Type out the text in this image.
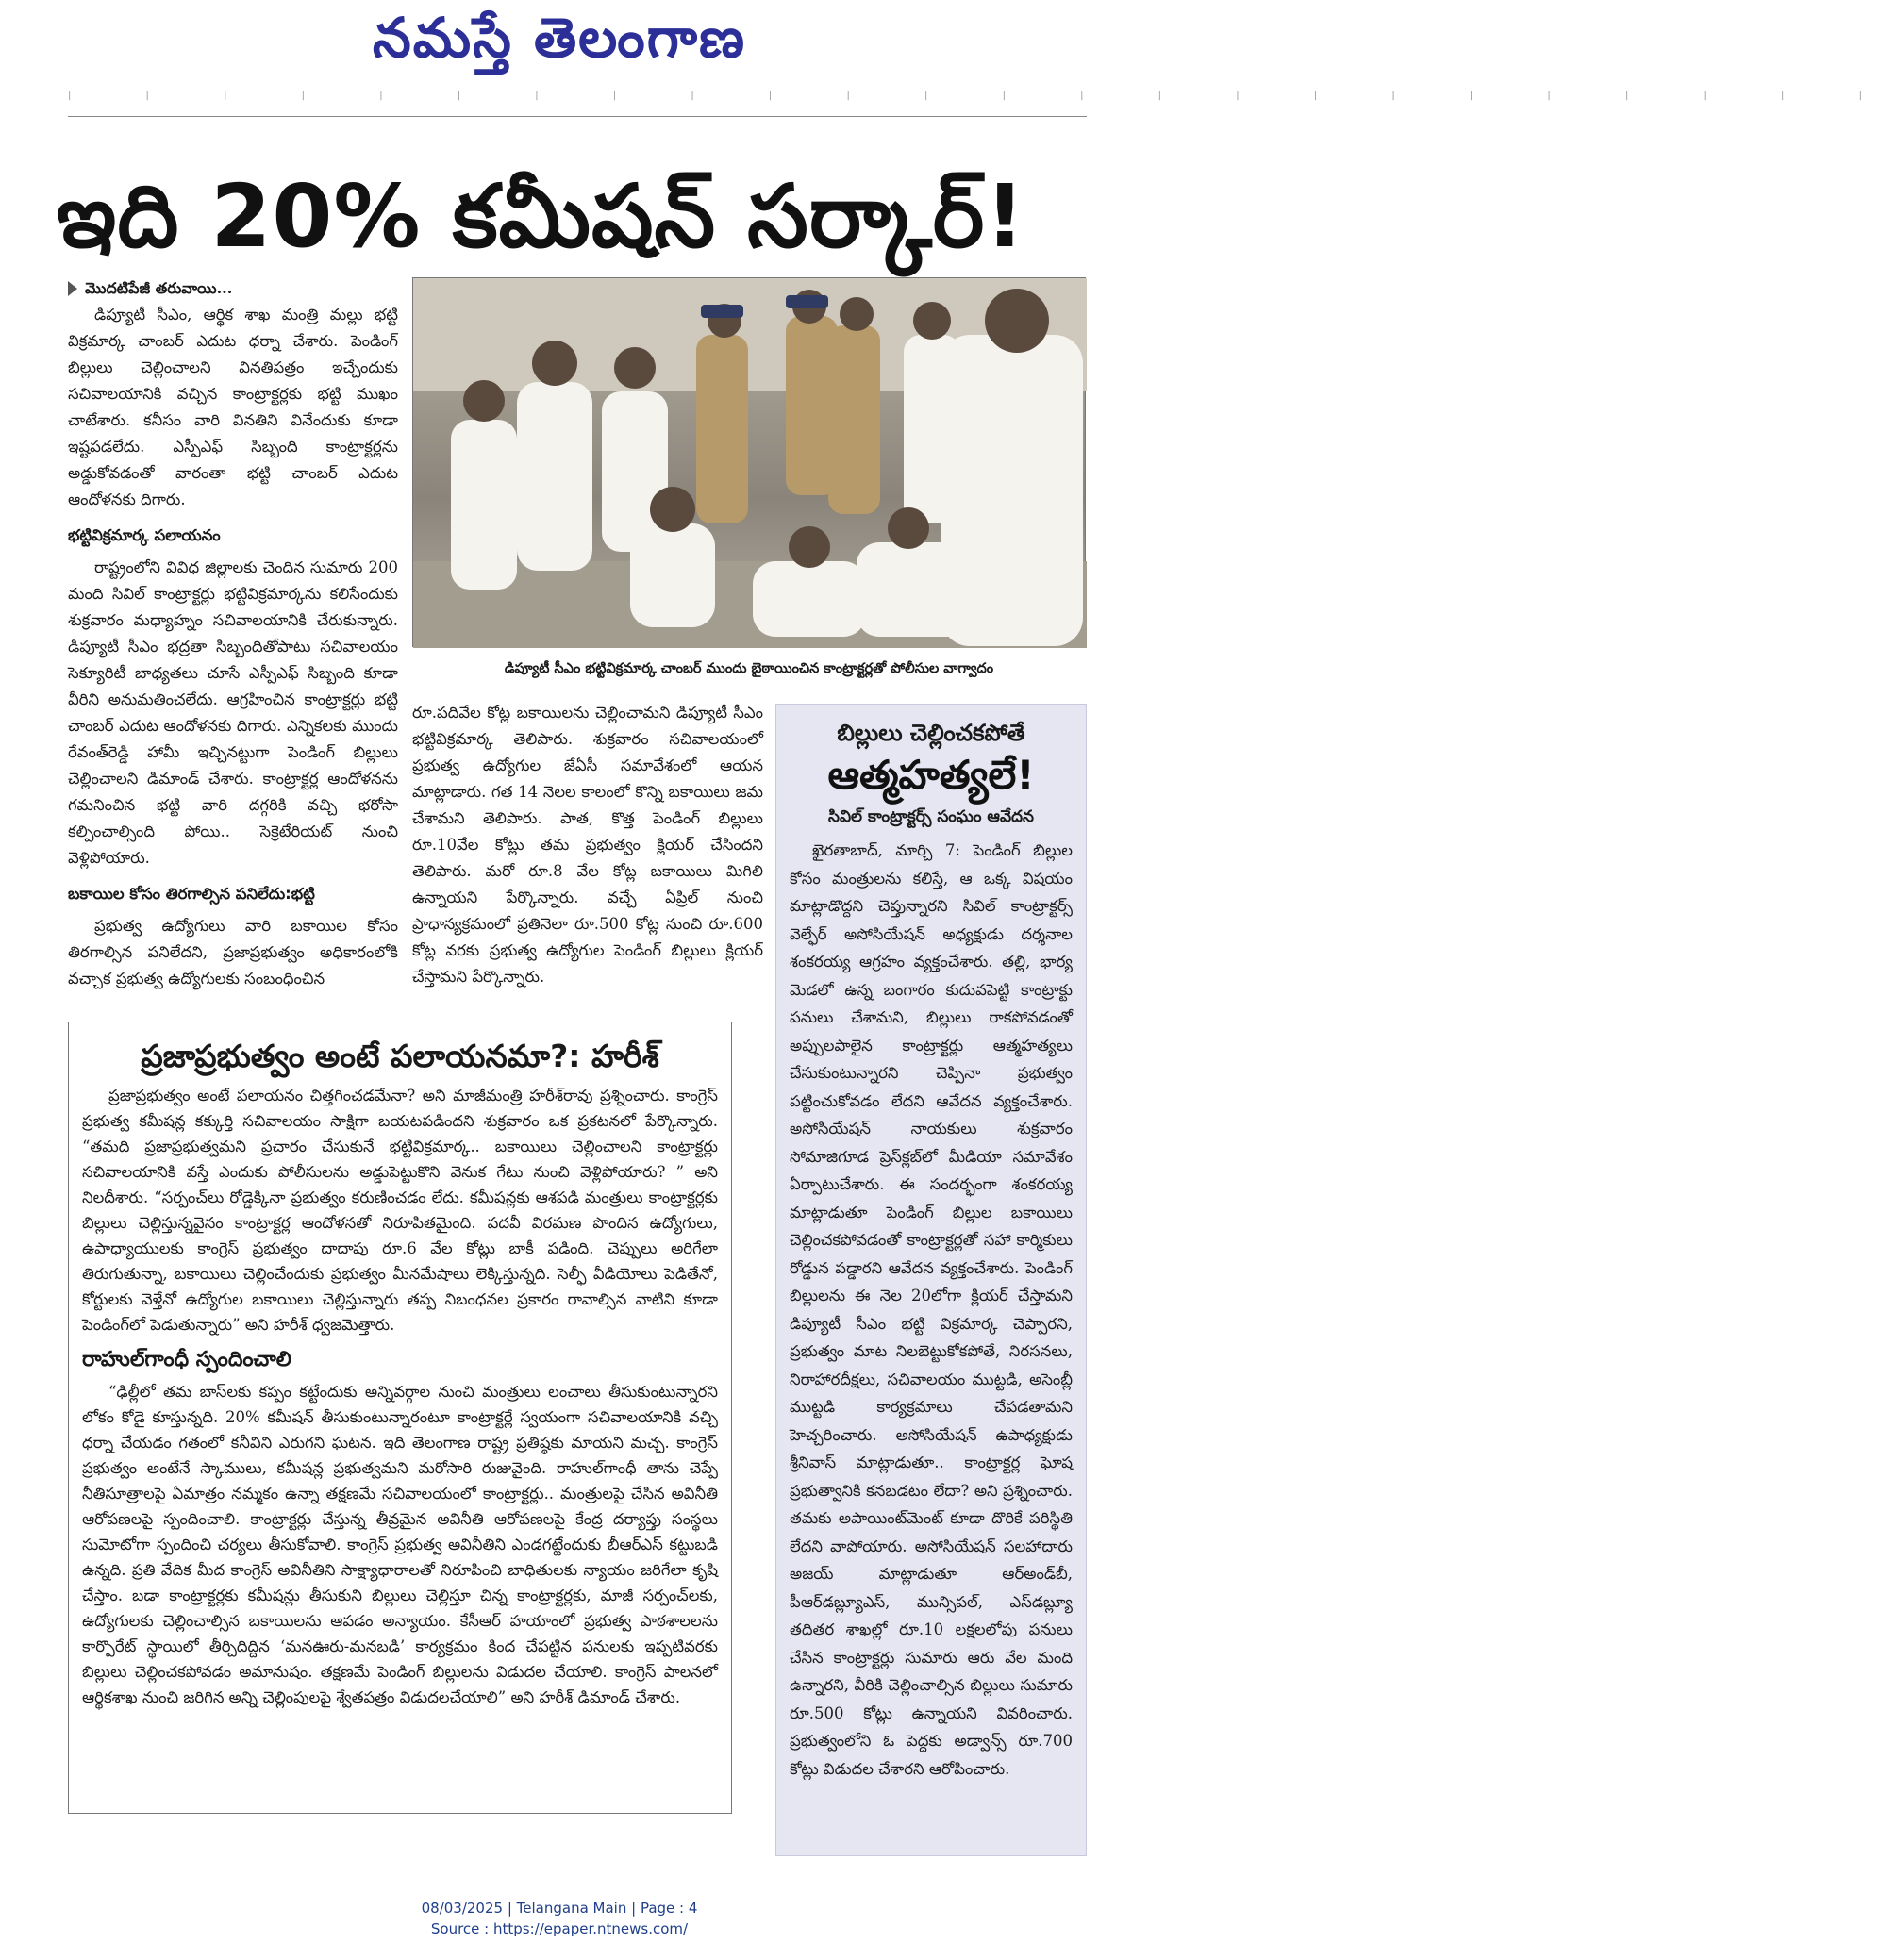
నమస్తే తెలంగాణ
| | | | | | | | | | | | | | | | | | | | | | | |
ఇది 20% కమీషన్ సర్కార్!
మొదటిపేజీ తరువాయి...

డిప్యూటీ సీఎం, ఆర్థిక శాఖ మంత్రి మల్లు భట్టి విక్రమార్క చాంబర్ ఎదుట ధర్నా చేశారు. పెండింగ్ బిల్లులు చెల్లించాలని వినతిపత్రం ఇచ్చేందుకు సచివాలయానికి వచ్చిన కాంట్రాక్టర్లకు భట్టి ముఖం చాటేశారు. కనీసం వారి వినతిని వినేందుకు కూడా ఇష్టపడలేదు. ఎస్పీఎఫ్ సిబ్బంది కాంట్రాక్టర్లను అడ్డుకోవడంతో వారంతా భట్టి చాంబర్ ఎదుట ఆందోళనకు దిగారు.

భట్టివిక్రమార్క పలాయనం

రాష్ట్రంలోని వివిధ జిల్లాలకు చెందిన సుమారు 200 మంది సివిల్ కాంట్రాక్టర్లు భట్టివిక్రమార్కను కలిసేందుకు శుక్రవారం మధ్యాహ్నం సచివాలయానికి చేరుకున్నారు. డిప్యూటీ సీఎం భద్రతా సిబ్బందితోపాటు సచివాలయం సెక్యూరిటీ బాధ్యతలు చూసే ఎస్పీఎఫ్ సిబ్బంది కూడా వీరిని అనుమతించలేదు. ఆగ్రహించిన కాంట్రాక్టర్లు భట్టి చాంబర్ ఎదుట ఆందోళనకు దిగారు. ఎన్నికలకు ముందు రేవంత్‌రెడ్డి హామీ ఇచ్చినట్టుగా పెండింగ్ బిల్లులు చెల్లించాలని డిమాండ్ చేశారు. కాంట్రాక్టర్ల ఆందోళనను గమనించిన భట్టి వారి దగ్గరికి వచ్చి భరోసా కల్పించాల్సింది పోయి.. సెక్రెటేరియట్ నుంచి వెళ్లిపోయారు.

బకాయిల కోసం తిరగాల్సిన పనిలేదు:భట్టి

ప్రభుత్వ ఉద్యోగులు వారి బకాయిల కోసం తిరగాల్సిన పనిలేదని, ప్రజాప్రభుత్వం అధికారంలోకి వచ్చాక ప్రభుత్వ ఉద్యోగులకు సంబంధించిన

డిప్యూటీ సీఎం భట్టివిక్రమార్క చాంబర్ ముందు బైఠాయించిన కాంట్రాక్టర్లతో పోలీసుల వాగ్వాదం

రూ.పదివేల కోట్ల బకాయిలను చెల్లించామని డిప్యూటీ సీఎం భట్టివిక్రమార్క తెలిపారు. శుక్రవారం సచివాలయంలో ప్రభుత్వ ఉద్యోగుల జేఏసీ సమావేశంలో ఆయన మాట్లాడారు. గత 14 నెలల కాలంలో కొన్ని బకాయిలు జమ చేశామని తెలిపారు. పాత, కొత్త పెండింగ్ బిల్లులు రూ.10వేల కోట్లు తమ ప్రభుత్వం క్లియర్ చేసిందని తెలిపారు. మరో రూ.8 వేల కోట్ల బకాయిలు మిగిలి ఉన్నాయని పేర్కొన్నారు. వచ్చే ఏప్రిల్ నుంచి ప్రాధాన్యక్రమంలో ప్రతినెలా రూ.500 కోట్ల నుంచి రూ.600 కోట్ల వరకు ప్రభుత్వ ఉద్యోగుల పెండింగ్ బిల్లులు క్లియర్ చేస్తామని పేర్కొన్నారు.

బిల్లులు చెల్లించకపోతే
ఆత్మహత్యలే!
సివిల్ కాంట్రాక్టర్స్ సంఘం ఆవేదన

ఖైరతాబాద్, మార్చి 7: పెండింగ్ బిల్లుల కోసం మంత్రులను కలిస్తే, ఆ ఒక్క విషయం మాట్లాడొద్దని చెప్తున్నారని సివిల్ కాంట్రాక్టర్స్ వెల్ఫేర్ అసోసియేషన్ అధ్యక్షుడు దర్శనాల శంకరయ్య ఆగ్రహం వ్యక్తంచేశారు. తల్లి, భార్య మెడలో ఉన్న బంగారం కుదువపెట్టి కాంట్రాక్టు పనులు చేశామని, బిల్లులు రాకపోవడంతో అప్పులపాలైన కాంట్రాక్టర్లు ఆత్మహత్యలు చేసుకుంటున్నారని చెప్పినా ప్రభుత్వం పట్టించుకోవడం లేదని ఆవేదన వ్యక్తంచేశారు. అసోసియేషన్ నాయకులు శుక్రవారం సోమాజిగూడ ప్రెస్‌క్లబ్‌లో మీడియా సమావేశం ఏర్పాటుచేశారు. ఈ సందర్భంగా శంకరయ్య మాట్లాడుతూ పెండింగ్ బిల్లుల బకాయిలు చెల్లించకపోవడంతో కాంట్రాక్టర్లతో సహా కార్మికులు రోడ్డున పడ్డారని ఆవేదన వ్యక్తంచేశారు. పెండింగ్ బిల్లులను ఈ నెల 20లోగా క్లియర్ చేస్తామని డిప్యూటీ సీఎం భట్టి విక్రమార్క చెప్పారని, ప్రభుత్వం మాట నిలబెట్టుకోకపోతే, నిరసనలు, నిరాహారదీక్షలు, సచివాలయం ముట్టడి, అసెంబ్లీ ముట్టడి కార్యక్రమాలు చేపడతామని హెచ్చరించారు. అసోసియేషన్ ఉపాధ్యక్షుడు శ్రీనివాస్ మాట్లాడుతూ.. కాంట్రాక్టర్ల ఘోష ప్రభుత్వానికి కనబడటం లేదా? అని ప్రశ్నించారు. తమకు అపాయింట్‌మెంట్ కూడా దొరికే పరిస్థితి లేదని వాపోయారు. అసోసియేషన్ సలహాదారు అజయ్ మాట్లాడుతూ ఆర్‌అండ్‌బీ, పీఆర్‌డబ్ల్యూఎస్, మున్సిపల్, ఎస్‌డబ్ల్యూ తదితర శాఖల్లో రూ.10 లక్షలలోపు పనులు చేసిన కాంట్రాక్టర్లు సుమారు ఆరు వేల మంది ఉన్నారని, వీరికి చెల్లించాల్సిన బిల్లులు సుమారు రూ.500 కోట్లు ఉన్నాయని వివరించారు. ప్రభుత్వంలోని ఓ పెద్దకు అడ్వాన్స్ రూ.700 కోట్లు విడుదల చేశారని ఆరోపించారు.

ప్రజాప్రభుత్వం అంటే పలాయనమా?: హరీశ్

ప్రజాప్రభుత్వం అంటే పలాయనం చిత్తగించడమేనా? అని మాజీమంత్రి హరీశ్‌రావు ప్రశ్నించారు. కాంగ్రెస్ ప్రభుత్వ కమీషన్ల కక్కుర్తి సచివాలయం సాక్షిగా బయటపడిందని శుక్రవారం ఒక ప్రకటనలో పేర్కొన్నారు. “తమది ప్రజాప్రభుత్వమని ప్రచారం చేసుకునే భట్టివిక్రమార్క.. బకాయిలు చెల్లించాలని కాంట్రాక్టర్లు సచివాలయానికి వస్తే ఎందుకు పోలీసులను అడ్డుపెట్టుకొని వెనుక గేటు నుంచి వెళ్లిపోయారు? ” అని నిలదీశారు. “సర్పంచ్‌లు రోడ్డెక్కినా ప్రభుత్వం కరుణించడం లేదు. కమీషన్లకు ఆశపడి మంత్రులు కాంట్రాక్టర్లకు బిల్లులు చెల్లిస్తున్నవైనం కాంట్రాక్టర్ల ఆందోళనతో నిరూపితమైంది. పదవీ విరమణ పొందిన ఉద్యోగులు, ఉపాధ్యాయులకు కాంగ్రెస్ ప్రభుత్వం దాదాపు రూ.6 వేల కోట్లు బాకీ పడింది. చెప్పులు అరిగేలా తిరుగుతున్నా, బకాయిలు చెల్లించేందుకు ప్రభుత్వం మీనమేషాలు లెక్కిస్తున్నది. సెల్ఫీ వీడియోలు పెడితేనో, కోర్టులకు వెళ్తేనో ఉద్యోగుల బకాయిలు చెల్లిస్తున్నారు తప్ప నిబంధనల ప్రకారం రావాల్సిన వాటిని కూడా పెండింగ్‌లో పెడుతున్నారు” అని హరీశ్ ధ్వజమెత్తారు.

రాహుల్‌గాంధీ స్పందించాలి

“ఢిల్లీలో తమ బాస్‌లకు కప్పం కట్టేందుకు అన్నివర్గాల నుంచి మంత్రులు లంచాలు తీసుకుంటున్నారని లోకం కోడై కూస్తున్నది. 20% కమీషన్ తీసుకుంటున్నారంటూ కాంట్రాక్టర్లే స్వయంగా సచివాలయానికి వచ్చి ధర్నా చేయడం గతంలో కనీవిని ఎరుగని ఘటన. ఇది తెలంగాణ రాష్ట్ర ప్రతిష్ఠకు మాయని మచ్చ. కాంగ్రెస్ ప్రభుత్వం అంటేనే స్కాములు, కమీషన్ల ప్రభుత్వమని మరోసారి రుజువైంది. రాహుల్‌గాంధీ తాను చెప్పే నీతిసూత్రాలపై ఏమాత్రం నమ్మకం ఉన్నా తక్షణమే సచివాలయంలో కాంట్రాక్టర్లు.. మంత్రులపై చేసిన అవినీతి ఆరోపణలపై స్పందించాలి. కాంట్రాక్టర్లు చేస్తున్న తీవ్రమైన అవినీతి ఆరోపణలపై కేంద్ర దర్యాప్తు సంస్థలు సుమోటోగా స్పందించి చర్యలు తీసుకోవాలి. కాంగ్రెస్ ప్రభుత్వ అవినీతిని ఎండగట్టేందుకు బీఆర్‌ఎస్ కట్టుబడి ఉన్నది. ప్రతి వేదిక మీద కాంగ్రెస్ అవినీతిని సాక్ష్యాధారాలతో నిరూపించి బాధితులకు న్యాయం జరిగేలా కృషి చేస్తాం. బడా కాంట్రాక్టర్లకు కమీషన్లు తీసుకుని బిల్లులు చెల్లిస్తూ చిన్న కాంట్రాక్టర్లకు, మాజీ సర్పంచ్‌లకు, ఉద్యోగులకు చెల్లించాల్సిన బకాయిలను ఆపడం అన్యాయం. కేసీఆర్ హయాంలో ప్రభుత్వ పాఠశాలలను కార్పొరేట్ స్థాయిలో తీర్చిదిద్దిన ‘మనఊరు-మనబడి’ కార్యక్రమం కింద చేపట్టిన పనులకు ఇప్పటివరకు బిల్లులు చెల్లించకపోవడం అమానుషం. తక్షణమే పెండింగ్ బిల్లులను విడుదల చేయాలి. కాంగ్రెస్ పాలనలో ఆర్థికశాఖ నుంచి జరిగిన అన్ని చెల్లింపులపై శ్వేతపత్రం విడుదలచేయాలి” అని హరీశ్ డిమాండ్ చేశారు.

08/03/2025 | Telangana Main | Page : 4
Source : https://epaper.ntnews.com/
